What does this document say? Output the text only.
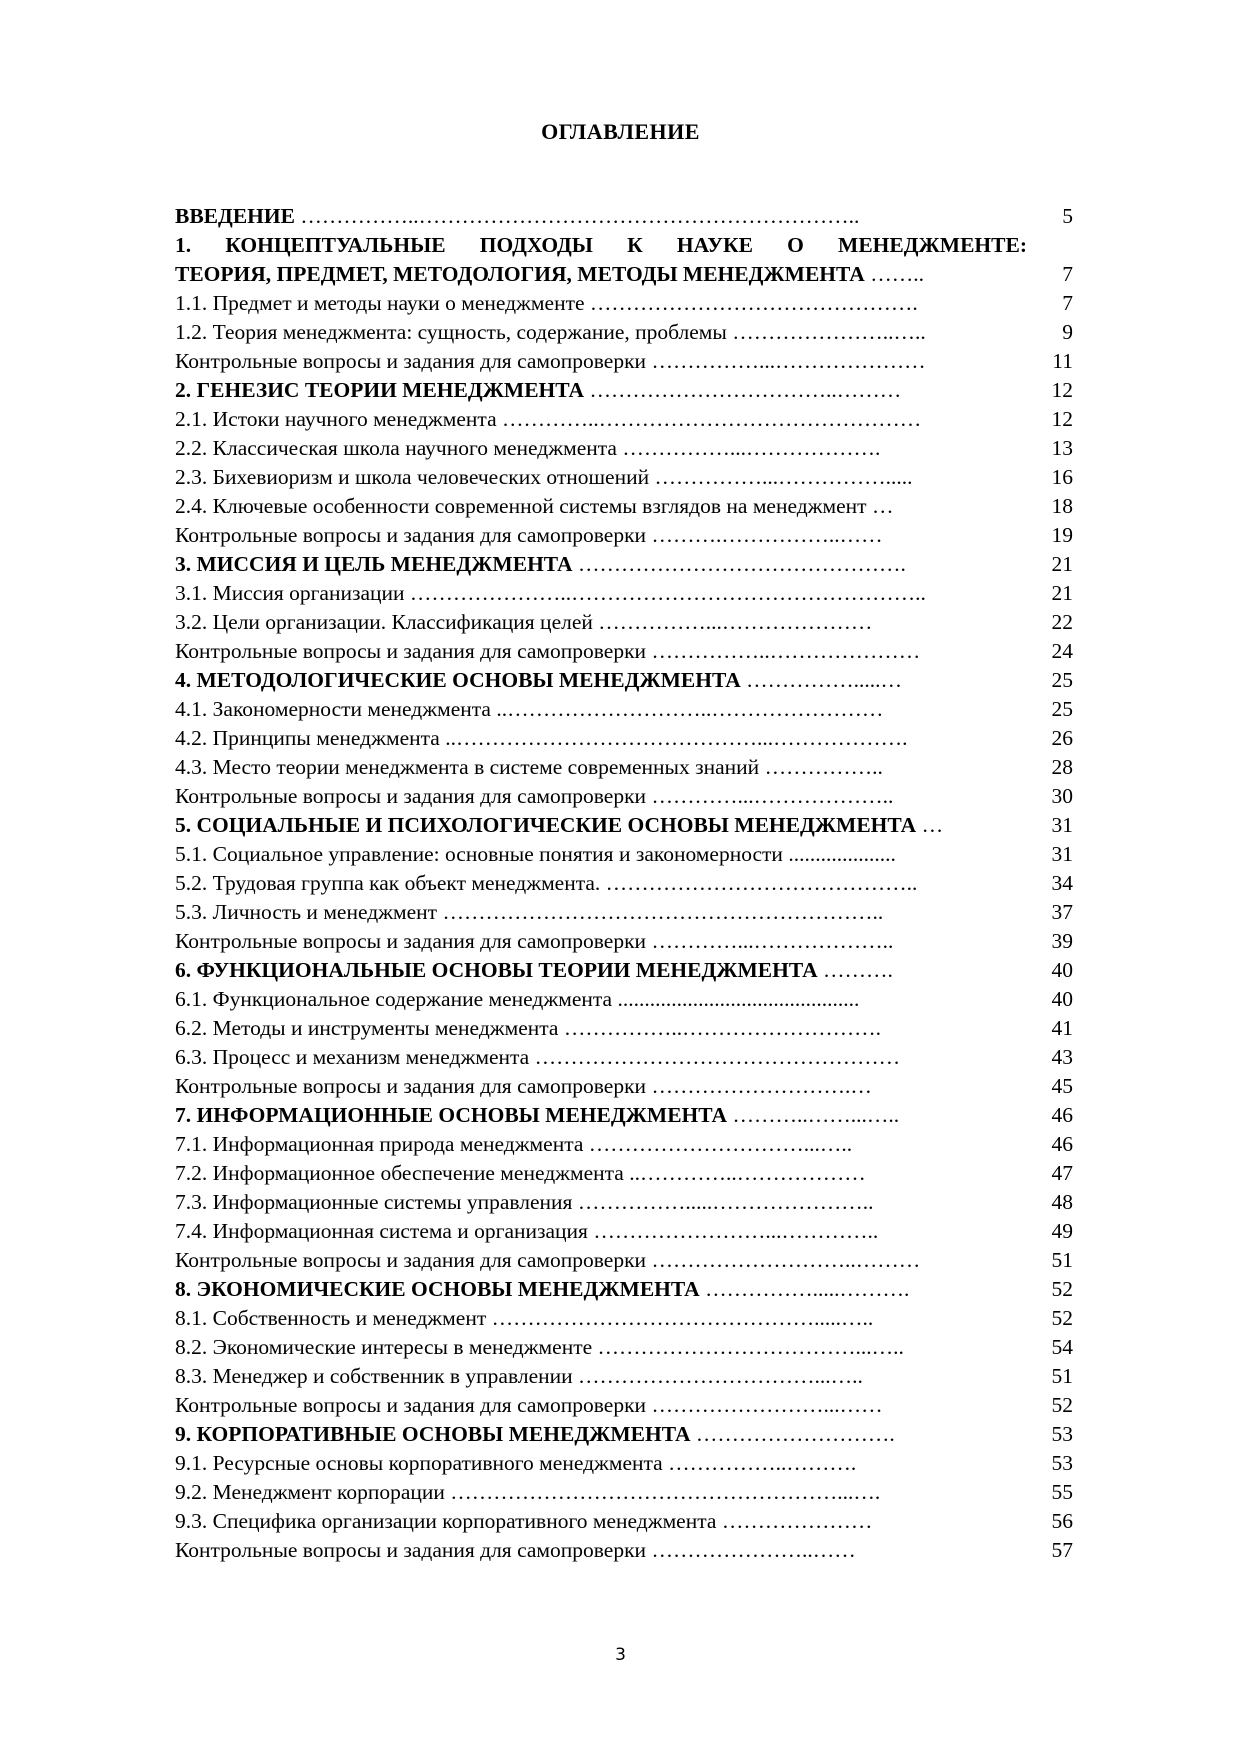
ОГЛАВЛЕНИЕ
ВВЕДЕНИЕ ……………..……………………………………………………..	5
1. КОНЦЕПТУАЛЬНЫЕ ПОДХОДЫ К НАУКЕ О МЕНЕДЖМЕНТЕ:
ТЕОРИЯ, ПРЕДМЕТ, МЕТОДОЛОГИЯ, МЕТОДЫ МЕНЕДЖМЕНТА ……..	7
1.1. Предмет и методы науки о менеджменте ……………………………………….	7
1.2. Теория менеджмента: сущность, содержание, проблемы …………………..…..	9
Контрольные вопросы и задания для самопроверки ……………...…………………	11
2. ГЕНЕЗИС ТЕОРИИ МЕНЕДЖМЕНТА ……………………………..………	12
2.1. Истоки научного менеджмента …………..………………………………………	12
2.2. Классическая школа научного менеджмента ……………...……………….	13
2.3. Бихевиоризм и школа человеческих отношений ……………...…………….....	16
2.4. Ключевые особенности современной системы взглядов на менеджмент …	18
Контрольные вопросы и задания для самопроверки ……….……………..……	19
3. МИССИЯ И ЦЕЛЬ МЕНЕДЖМЕНТА ……………………………………….	21
3.1. Миссия организации …………………..…………………………………………..	21
3.2. Цели организации. Классификация целей ……………...…………………	22
Контрольные вопросы и задания для самопроверки ……………..…………………	24
4. МЕТОДОЛОГИЧЕСКИЕ ОСНОВЫ МЕНЕДЖМЕНТА …………….....…	25
4.1. Закономерности менеджмента ..………………………..……………………	25
4.2. Принципы менеджмента ..……………………………………...……………….	26
4.3. Место теории менеджмента в системе современных знаний ……………..	28
Контрольные вопросы и задания для самопроверки …………...………………..	30
5. СОЦИАЛЬНЫЕ И ПСИХОЛОГИЧЕСКИЕ ОСНОВЫ МЕНЕДЖМЕНТА …	31
5.1. Социальное управление: основные понятия и закономерности ....................	31
5.2. Трудовая группа как объект менеджмента. ……………………………………..	34
5.3. Личность и менеджмент ……………………………………………………..	37
Контрольные вопросы и задания для самопроверки …………...………………..	39
6. ФУНКЦИОНАЛЬНЫЕ ОСНОВЫ ТЕОРИИ МЕНЕДЖМЕНТА ……….	40
6.1. Функциональное содержание менеджмента .............................................	40
6.2. Методы и инструменты менеджмента ……………..……………………….	41
6.3. Процесс и механизм менеджмента ……………………………………………	43
Контрольные вопросы и задания для самопроверки ……………………….…	45
7. ИНФОРМАЦИОННЫЕ ОСНОВЫ МЕНЕДЖМЕНТА ………..……...…..	46
7.1. Информационная природа менеджмента …………………………...…..	46
7.2. Информационное обеспечение менеджмента ..…………..………………	47
7.3. Информационные системы управления …………….....…………………..	48
7.4. Информационная система и организация ……………………...…………..	49
Контрольные вопросы и задания для самопроверки ………………………..………	51
8. ЭКОНОМИЧЕСКИЕ ОСНОВЫ МЕНЕДЖМЕНТА …………….....……….	52
8.1. Собственность и менеджмент ……………………………………….....…..	52
8.2. Экономические интересы в менеджменте ………………………………...…..	54
8.3. Менеджер и собственник в управлении ……………………………...…..	51
Контрольные вопросы и задания для самопроверки ……………………...……	52
9. КОРПОРАТИВНЫЕ ОСНОВЫ МЕНЕДЖМЕНТА ……………………….	53
9.1. Ресурсные основы корпоративного менеджмента ……………..……….	53
9.2. Менеджмент корпорации ………………………………………………...….	55
9.3. Специфика организации корпоративного менеджмента …………………	56
Контрольные вопросы и задания для самопроверки …………………..……	57
3
